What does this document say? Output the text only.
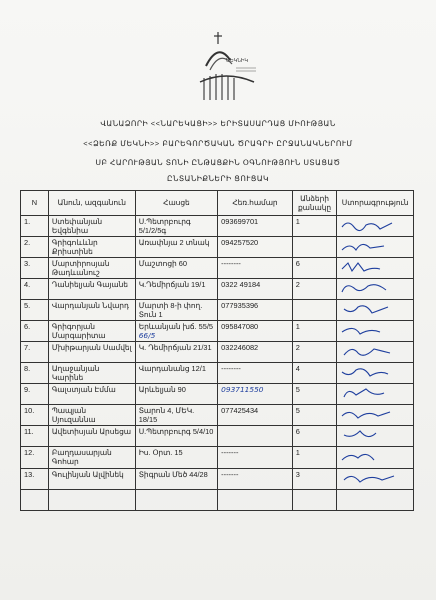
ՄԵԿՆԻԿ
ՎԱՆԱՁՈՐԻ <<ՆԱՐԵԿԱՑԻ>> ԵՐԻՏԱՍԱՐԴԱՑ ՄԻՈՒԹՅԱՆ
<<ՁԵՌՔ ՄԵԿՆԻ>> ԲԱՐԵԳՈՐԾԱԿԱՆ ԾՐԱԳՐԻ ԸՐՋԱՆԱԿՆԵՐՈՒՄ
ՍԲ ՀԱՐՈՒԹՅԱՆ ՏՈՆԻ ԸՆԹԱՑՔԻՆ ՕԳՆՈՒԹՅՈՒՆ ՍՏԱՑԱԾ
ԸՆՏԱՆԻՔՆԵՐԻ ՑՈՒՑԱԿ
N	Անուն, ազգանուն	Հասցե	Հեռ.համար	Անձերի քանակը	Ստորագրություն
1.	Ստեփանյան Եվգենիա	Ս.Պետրբուրգ 5/1/2/5գ	093699701	1	

2.	Գրիգոևևնր Քրիստինե	Առափնյա 2 տնակ	094257520		

3.	Մարտիրոսյան Թադևանուշ	Մաշտոցի 60	--------	6	

4.	Դանիելյան Գայանե	Կ.Դեմիրճյան 19/1	0322 49184	2	

5.	Վարդանյան Նվարդ	Մարտի 8-ի փող. Տուն 1	077935396		

6.	Գրիգորյան Մարգարիտա	Երևանյան խճ. 55/5 66/5	095847080	1	

7.	Մխիթարյան Սամվել	Կ. Դեմիրճյան 21/31	032246082	2	

8.	Աղաջանյան Կարինե	Վարդանանց 12/1	--------	4	

9.	Գալստյան Էմմա	Արևելյան 90	093711550	5	

10.	Պապյան Սյուզաննա	Տարոն 4, ՄԵԿ. 18/15	077425434	5	

11.	Ավետիսյան Արսեցա	Ս.Պետրբուրգ 5/4/10		6	

12.	Բաղդասարյան Գոհար	Իս. Օրտ. 15	-------	1	

13.	Գուլինյան Ալվինեկ	Տիգրան Մեծ 44/28	-------	3	
